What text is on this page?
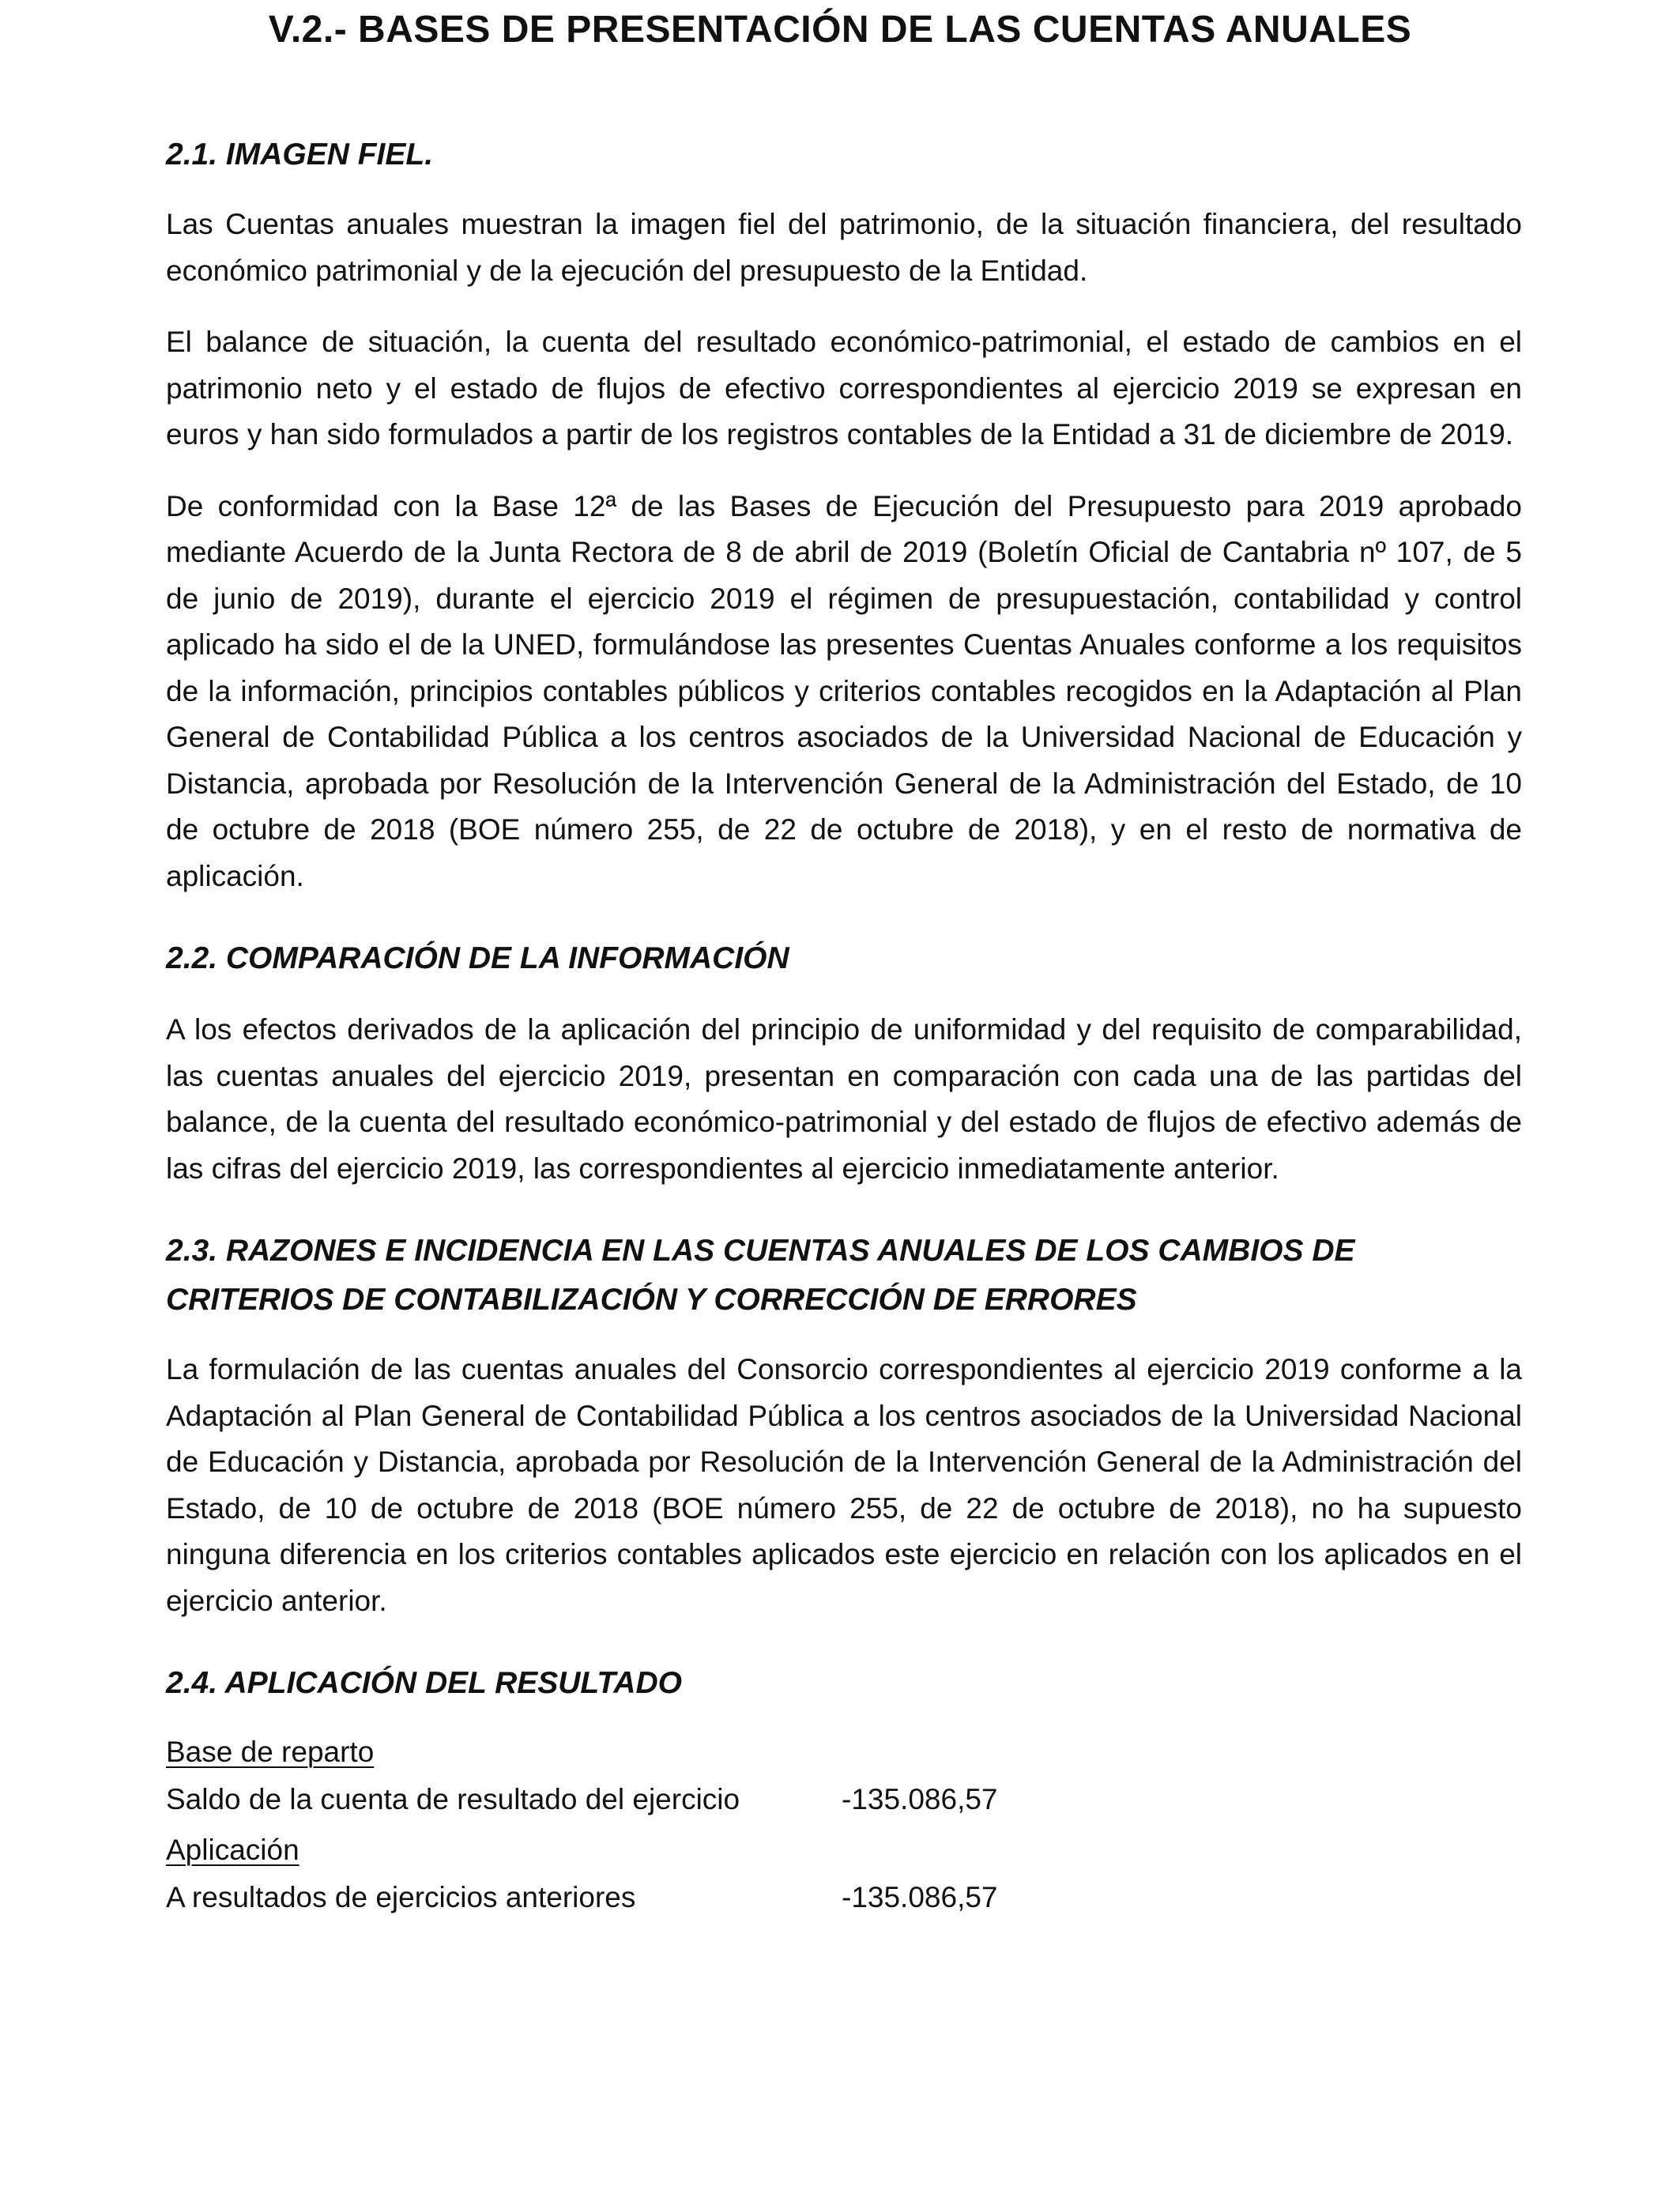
V.2.- BASES DE PRESENTACIÓN DE LAS CUENTAS ANUALES
2.1. IMAGEN FIEL.

Las Cuentas anuales muestran la imagen fiel del patrimonio, de la situación financiera, del resultado económico patrimonial y de la ejecución del presupuesto de la Entidad.

El balance de situación, la cuenta del resultado económico-patrimonial, el estado de cambios en el patrimonio neto y el estado de flujos de efectivo correspondientes al ejercicio 2019 se expresan en euros y han sido formulados a partir de los registros contables de la Entidad a 31 de diciembre de 2019.

De conformidad con la Base 12ª de las Bases de Ejecución del Presupuesto para 2019 aprobado mediante Acuerdo de la Junta Rectora de 8 de abril de 2019 (Boletín Oficial de Cantabria nº 107, de 5 de junio de 2019), durante el ejercicio 2019 el régimen de presupuestación, contabilidad y control aplicado ha sido el de la UNED, formulándose las presentes Cuentas Anuales conforme a los requisitos de la información, principios contables públicos y criterios contables recogidos en la Adaptación al Plan General de Contabilidad Pública a los centros asociados de la Universidad Nacional de Educación y Distancia, aprobada por Resolución de la Intervención General de la Administración del Estado, de 10 de octubre de 2018 (BOE número 255, de 22 de octubre de 2018), y en el resto de normativa de aplicación.

2.2. COMPARACIÓN DE LA INFORMACIÓN

A los efectos derivados de la aplicación del principio de uniformidad y del requisito de comparabilidad, las cuentas anuales del ejercicio 2019, presentan en comparación con cada una de las partidas del balance, de la cuenta del resultado económico-patrimonial y del estado de flujos de efectivo además de las cifras del ejercicio 2019, las correspondientes al ejercicio inmediatamente anterior.

2.3. RAZONES E INCIDENCIA EN LAS CUENTAS ANUALES DE LOS CAMBIOS DE CRITERIOS DE CONTABILIZACIÓN Y CORRECCIÓN DE ERRORES

La formulación de las cuentas anuales del Consorcio correspondientes al ejercicio 2019 conforme a la Adaptación al Plan General de Contabilidad Pública a los centros asociados de la Universidad Nacional de Educación y Distancia, aprobada por Resolución de la Intervención General de la Administración del Estado, de 10 de octubre de 2018 (BOE número 255, de 22 de octubre de 2018), no ha supuesto ninguna diferencia en los criterios contables aplicados este ejercicio en relación con los aplicados en el ejercicio anterior.

2.4. APLICACIÓN DEL RESULTADO
Base de reparto
Saldo de la cuenta de resultado del ejercicio	-135.086,57
Aplicación
A resultados de ejercicios anteriores	-135.086,57
